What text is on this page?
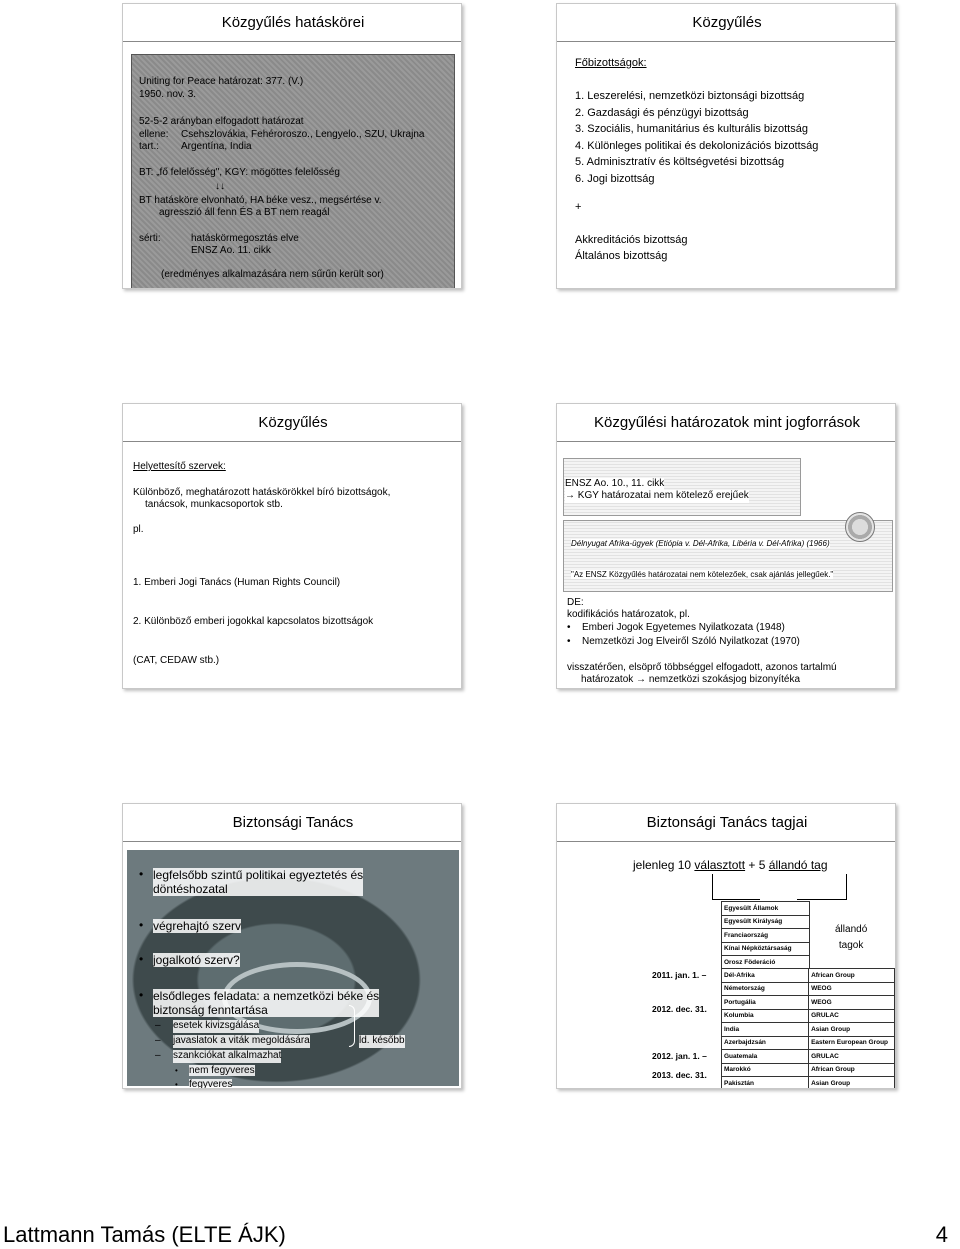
Közgyűlés hatáskörei
Uniting for Peace határozat: 377. (V.)
1950. nov. 3.
52-5-2 arányban elfogadott határozat
ellene: Csehszlovákia, Fehéroroszo., Lengyelo., SZU, Ukrajna
tart.: Argentína, India
BT: „fő felelősség", KGY: mögöttes felelősség
↓↓
BT hatásköre elvonható, HA béke vesz., megsértése v.
agresszió áll fenn ÉS a BT nem reagál
sérti:	hatáskörmegosztás elve
ENSZ Ao. 11. cikk
(eredményes alkalmazására nem sűrűn került sor)
Közgyűlés
Főbizottságok:
1. Leszerelési, nemzetközi biztonsági bizottság
2. Gazdasági és pénzügyi bizottság
3. Szociális, humanitárius és kulturális bizottság
4. Különleges politikai és dekolonizációs bizottság
5. Adminisztratív és költségvetési bizottság
6. Jogi bizottság
+
Akkreditációs bizottság
Általános bizottság
Közgyűlés
Helyettesítő szervek:
Különböző, meghatározott hatáskörökkel bíró bizottságok,
tanácsok, munkacsoportok stb.
pl.

1. Emberi Jogi Tanács (Human Rights Council)

2. Különböző emberi jogokkal kapcsolatos bizottságok

(CAT, CEDAW stb.)

Közgyűlési határozatok mint jogforrások
ENSZ Ao. 10., 11. cikk
→ KGY határozatai nem kötelező erejűek
Délnyugat Afrika-ügyek (Etiópia v. Dél-Afrika, Libéria v. Dél-Afrika) (1966)
"Az ENSZ Közgyűlés határozatai nem kötelezőek, csak ajánlás jellegűek."
DE:
kodifikációs határozatok, pl.
• Emberi Jogok Egyetemes Nyilatkozata (1948)
• Nemzetközi Jog Elveiről Szóló Nyilatkozat (1970)
visszatérően, elsöprő többséggel elfogadott, azonos tartalmú
határozatok → nemzetközi szokásjog bizonyítéka
Biztonsági Tanács
• legfelsőbb szintű politikai egyeztetés és
döntéshozatal
• végrehajtó szerv
• jogalkotó szerv?
• elsődleges feladata: a nemzetközi béke és
biztonság fenntartása
– esetek kivizsgálása
– javaslatok a viták megoldására	ld. később
– szankciókat alkalmazhat
• nem fegyveres
• fegyveres
Biztonsági Tanács tagjai
jelenleg 10 választott + 5 állandó tag
Egyesült Államok
Egyesült Királyság
Franciaország
Kínai Népköztársaság
Orosz Föderáció
állandó
tagok
2011. jan. 1. –
2012. dec. 31.
2012. jan. 1. –
2013. dec. 31.
Dél-Afrika	African Group
Németország	WEOG
Portugália	WEOG
Kolumbia	GRULAC
India	Asian Group
Azerbajdzsán	Eastern European Group
Guatemala	GRULAC
Marokkó	African Group
Pakisztán	Asian Group

Lattmann Tamás (ELTE ÁJK)	4
